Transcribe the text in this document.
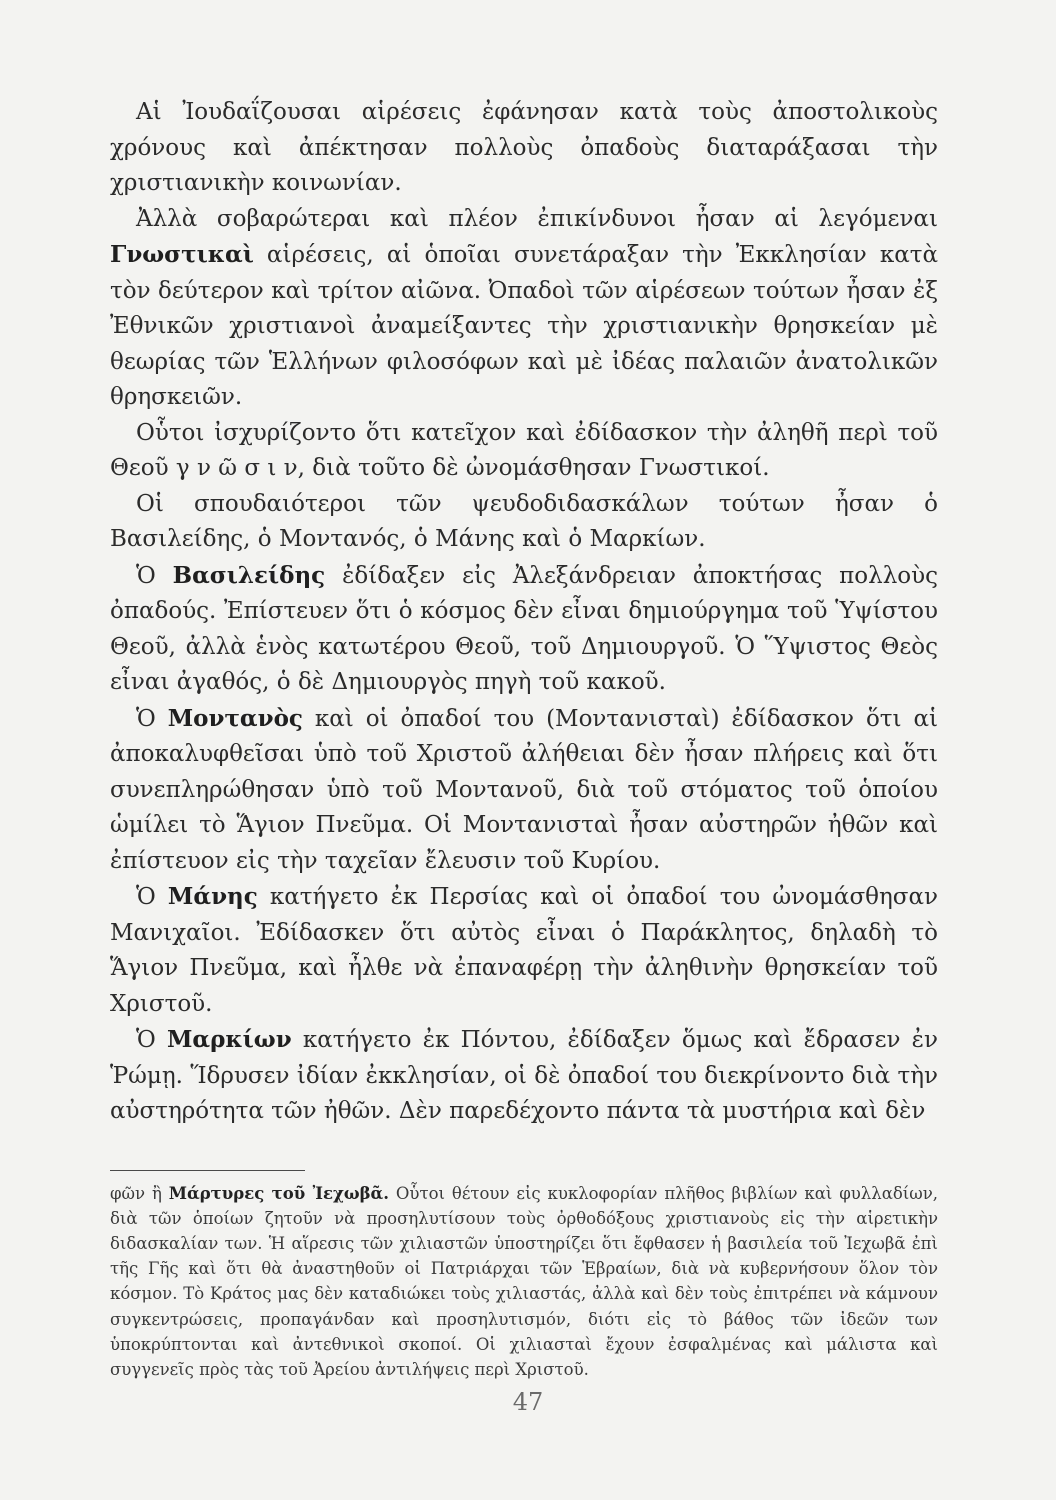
Αἱ Ἰουδαΐζουσαι αἱρέσεις ἐφάνησαν κατὰ τοὺς ἀποστολικοὺς χρόνους καὶ ἀπέκτησαν πολλοὺς ὀπαδοὺς διαταράξασαι τὴν χριστιανικὴν κοινωνίαν.

Ἀλλὰ σοβαρώτεραι καὶ πλέον ἐπικίνδυνοι ἦσαν αἱ λεγόμεναι Γνωστικαὶ αἱρέσεις, αἱ ὁποῖαι συνετάραξαν τὴν Ἐκκλησίαν κατὰ τὸν δεύτερον καὶ τρίτον αἰῶνα. Ὀπαδοὶ τῶν αἱρέσεων τούτων ἦσαν ἐξ Ἐθνικῶν χριστιανοὶ ἀναμείξαντες τὴν χριστιανικὴν θρησκείαν μὲ θεωρίας τῶν Ἑλλήνων φιλοσόφων καὶ μὲ ἰδέας παλαιῶν ἀνατολικῶν θρησκειῶν.

Οὗτοι ἰσχυρίζοντο ὅτι κατεῖχον καὶ ἐδίδασκον τὴν ἀληθῆ περὶ τοῦ Θεοῦ γ ν ῶ σ ι ν, διὰ τοῦτο δὲ ὠνομάσθησαν Γνωστικοί.

Οἱ σπουδαιότεροι τῶν ψευδοδιδασκάλων τούτων ἦσαν ὁ Βασιλείδης, ὁ Μοντανός, ὁ Μάνης καὶ ὁ Μαρκίων.

Ὁ Βασιλείδης ἐδίδαξεν εἰς Ἀλεξάνδρειαν ἀποκτήσας πολλοὺς ὀπαδούς. Ἐπίστευεν ὅτι ὁ κόσμος δὲν εἶναι δημιούργημα τοῦ Ὑψίστου Θεοῦ, ἀλλὰ ἑνὸς κατωτέρου Θεοῦ, τοῦ Δημιουργοῦ. Ὁ Ὕψιστος Θεὸς εἶναι ἀγαθός, ὁ δὲ Δημιουργὸς πηγὴ τοῦ κακοῦ.

Ὁ Μοντανὸς καὶ οἱ ὀπαδοί του (Μοντανισταὶ) ἐδίδασκον ὅτι αἱ ἀποκαλυφθεῖσαι ὑπὸ τοῦ Χριστοῦ ἀλήθειαι δὲν ἦσαν πλήρεις καὶ ὅτι συνεπληρώθησαν ὑπὸ τοῦ Μοντανοῦ, διὰ τοῦ στόματος τοῦ ὁποίου ὡμίλει τὸ Ἅγιον Πνεῦμα. Οἱ Μοντανισταὶ ἦσαν αὐστηρῶν ἠθῶν καὶ ἐπίστευον εἰς τὴν ταχεῖαν ἔλευσιν τοῦ Κυρίου.

Ὁ Μάνης κατήγετο ἐκ Περσίας καὶ οἱ ὀπαδοί του ὠνομάσθησαν Μανιχαῖοι. Ἐδίδασκεν ὅτι αὐτὸς εἶναι ὁ Παράκλητος, δηλαδὴ τὸ Ἅγιον Πνεῦμα, καὶ ἦλθε νὰ ἐπαναφέρῃ τὴν ἀληθινὴν θρησκείαν τοῦ Χριστοῦ.

Ὁ Μαρκίων κατήγετο ἐκ Πόντου, ἐδίδαξεν ὅμως καὶ ἔδρασεν ἐν Ῥώμῃ. Ἵδρυσεν ἰδίαν ἐκκλησίαν, οἱ δὲ ὀπαδοί του διεκρίνοντο διὰ τὴν αὐστηρότητα τῶν ἠθῶν. Δὲν παρεδέχοντο πάντα τὰ μυστήρια καὶ δὲν

φῶν ἢ Μάρτυρες τοῦ Ἰεχωβᾶ. Οὗτοι θέτουν εἰς κυκλοφορίαν πλῆθος βιβλίων καὶ φυλλαδίων, διὰ τῶν ὁποίων ζητοῦν νὰ προσηλυτίσουν τοὺς ὀρθοδόξους χριστιανοὺς εἰς τὴν αἱρετικὴν διδασκαλίαν των. Ἡ αἵρεσις τῶν χιλιαστῶν ὑποστηρίζει ὅτι ἔφθασεν ἡ βασιλεία τοῦ Ἰεχωβᾶ ἐπὶ τῆς Γῆς καὶ ὅτι θὰ ἀναστηθοῦν οἱ Πατριάρχαι τῶν Ἑβραίων, διὰ νὰ κυβερνήσουν ὅλον τὸν κόσμον. Τὸ Κράτος μας δὲν καταδιώκει τοὺς χιλιαστάς, ἀλλὰ καὶ δὲν τοὺς ἐπιτρέπει νὰ κάμνουν συγκεντρώσεις, προπαγάνδαν καὶ προσηλυτισμόν, διότι εἰς τὸ βάθος τῶν ἰδεῶν των ὑποκρύπτονται καὶ ἀντεθνικοὶ σκοποί. Οἱ χιλιασταὶ ἔχουν ἐσφαλμένας καὶ μάλιστα καὶ συγγενεῖς πρὸς τὰς τοῦ Ἀρείου ἀντιλήψεις περὶ Χριστοῦ.
47
